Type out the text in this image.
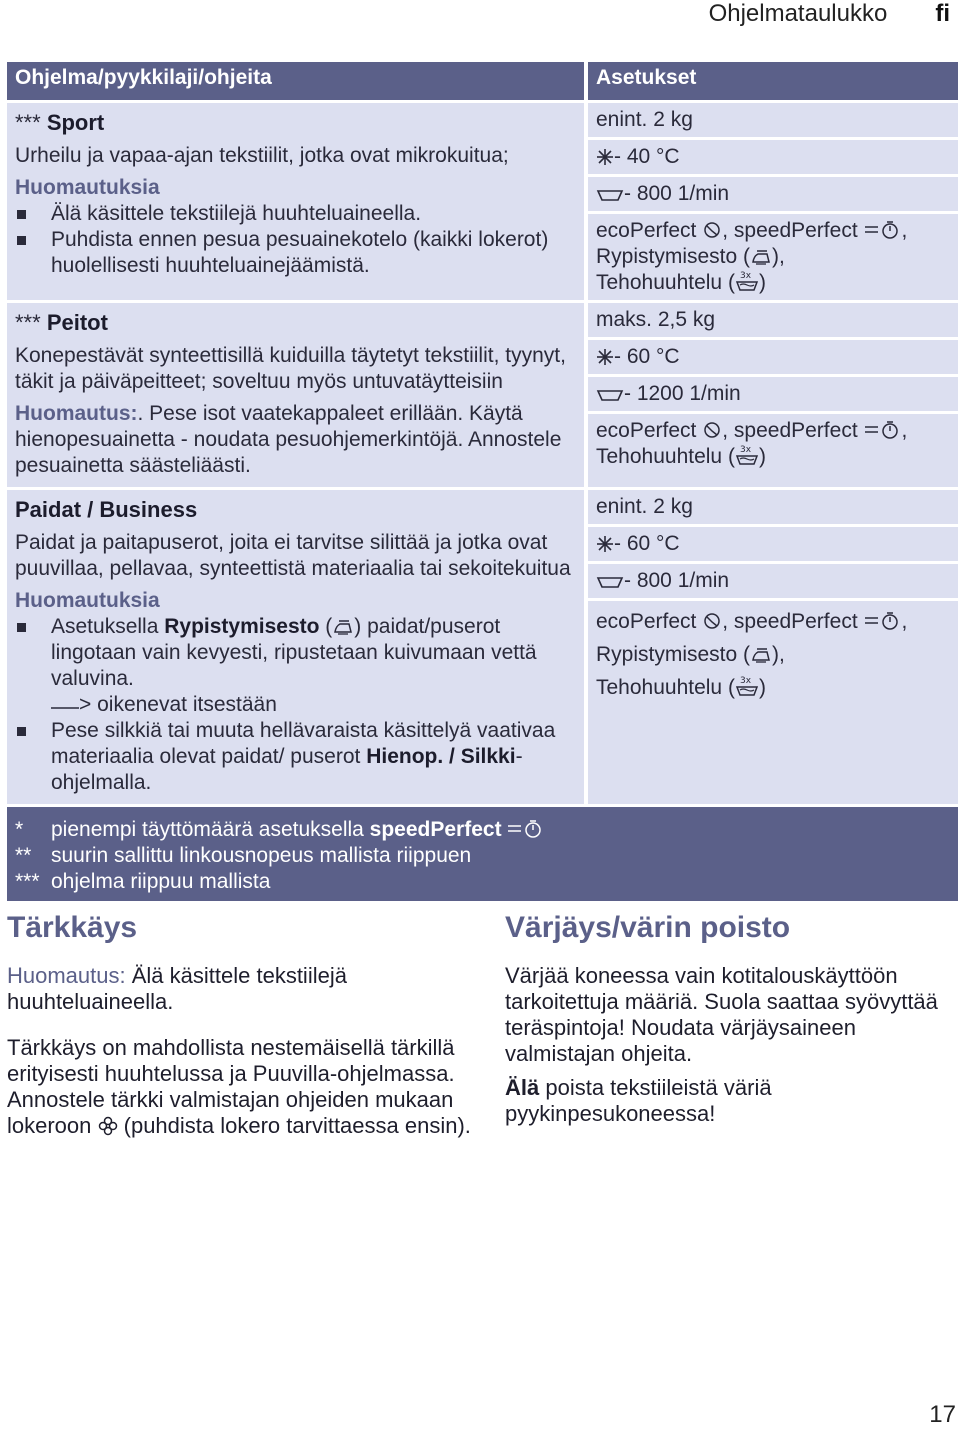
Ohjelmataulukko fi
Ohjelma/pyykkilaji/ohjeita	Asetukset
*** Sport
Urheilu ja vapaa-ajan tekstiilit, jotka ovat mikrokuitua;
Huomautuksia
Älä käsittele tekstiilejä huuhteluaineella.
Puhdista ennen pesua pesuainekotelo (kaikki lokerot) huolellisesti huuhteluainejäämistä.
enint. 2 kg
- 40 °C
- 800 1/min
ecoPerfect , speedPerfect ,
Rypistymisesto ( ),
Tehohuuhtelu ( 3x )
*** Peitot
Konepestävät synteettisillä kuiduilla täytetyt tekstiilit, tyynyt, täkit ja päiväpeitteet; soveltuu myös untuvatäytteisiin
Huomautus:. Pese isot vaatekappaleet erillään. Käytä hienopesuainetta - noudata pesuohjemerkintöjä. Annostele pesuainetta säästeliäästi.
maks. 2,5 kg
- 60 °C
- 1200 1/min
ecoPerfect , speedPerfect ,
Tehohuuhtelu ( 3x )
Paidat / Business
Paidat ja paitapuserot, joita ei tarvitse silittää ja jotka ovat puuvillaa, pellavaa, synteettistä materiaalia tai sekoitekuitua
Huomautuksia
Asetuksella Rypistymisesto ( ) paidat/puserot lingotaan vain kevyesti, ripustetaan kuivumaan vettä valuvina.
> oikenevat itsestään
Pese silkkiä tai muuta hellävaraista käsittelyä vaativaa materiaalia olevat paidat/ puserot Hienop. / Silkki-ohjelmalla.
enint. 2 kg
- 60 °C
- 800 1/min
ecoPerfect , speedPerfect ,
Rypistymisesto ( ),
Tehohuuhtelu ( 3x )
*	pienempi täyttömäärä asetuksella speedPerfect
** suurin sallittu linkousnopeus mallista riippuen
*** ohjelma riippuu mallista
Tärkkäys

Huomautus: Älä käsittele tekstiilejä huuhteluaineella.

Tärkkäys on mahdollista nestemäisellä tärkillä erityisesti huuhtelussa ja Puuvilla-ohjelmassa. Annostele tärkki valmistajan ohjeiden mukaan lokeroon  (puhdista lokero tarvittaessa ensin).

Värjäys/värin poisto

Värjää koneessa vain kotitalouskäyttöön tarkoitettuja määriä. Suola saattaa syövyttää teräspintoja! Noudata värjäysaineen valmistajan ohjeita.

Älä poista tekstiileistä väriä pyykinpesukoneessa!

17
